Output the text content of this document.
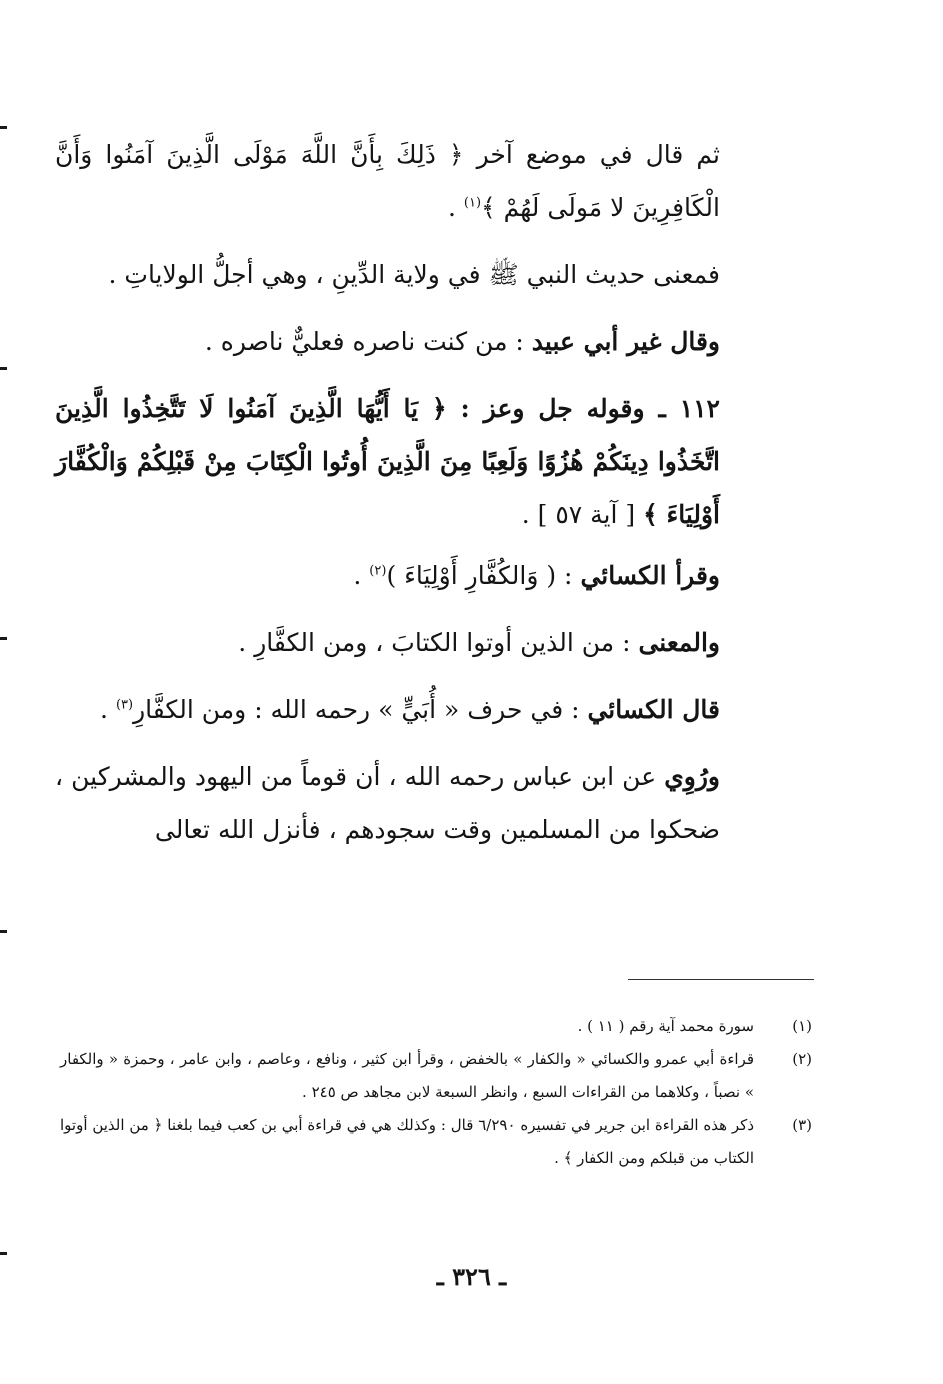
ثم قال في موضع آخر ﴿ ذَلِكَ بِأَنَّ اللَّهَ مَوْلَى الَّذِينَ آمَنُوا وَأَنَّ الْكَافِرِينَ لا مَولَى لَهُمْ ﴾$^{(١)}$ .

فمعنى حديث النبي ﷺ في ولاية الدِّينِ ، وهي أجلُّ الولاياتِ .

وقال غير أبي عبيد : من كنت ناصره فعليٌّ ناصره .

١١٢ ـ وقوله جل وعز : ﴿ يَا أَيُّهَا الَّذِينَ آمَنُوا لَا تَتَّخِذُوا الَّذِينَ اتَّخَذُوا دِينَكُمْ هُزُوًا وَلَعِبًا مِنَ الَّذِينَ أُوتُوا الْكِتَابَ مِنْ قَبْلِكُمْ وَالْكُفَّارَ أَوْلِيَاءَ ﴾ [ آية ٥٧ ] .

وقرأ الكسائي : ( وَالكُفَّارِ أَوْلِيَاءَ )$^{(٢)}$ .

والمعنى : من الذين أوتوا الكتابَ ، ومن الكفَّارِ .

قال الكسائي : في حرف « أُبَيٍّ » رحمه الله : ومن الكفَّارِ$^{(٣)}$ .

ورُوِي عن ابن عباس رحمه الله ، أن قوماً من اليهود والمشركين ، ضحكوا من المسلمين وقت سجودهم ، فأنزل الله تعالى

(١)
سورة محمد آية رقم ( ١١ ) .
(٢)
قراءة أبي عمرو والكسائي « والكفار » بالخفض ، وقرأ ابن كثير ، ونافع ، وعاصم ، وابن عامر ، وحمزة « والكفار » نصباً ، وكلاهما من القراءات السبع ، وانظر السبعة لابن مجاهد ص ٢٤٥ .
(٣)
ذكر هذه القراءة ابن جرير في تفسيره ٦/٢٩٠ قال : وكذلك هي في قراءة أبي بن كعب فيما بلغنا ﴿ من الذين أوتوا الكتاب من قبلكم ومن الكفار ﴾ .
ـ ٣٢٦ ـ
